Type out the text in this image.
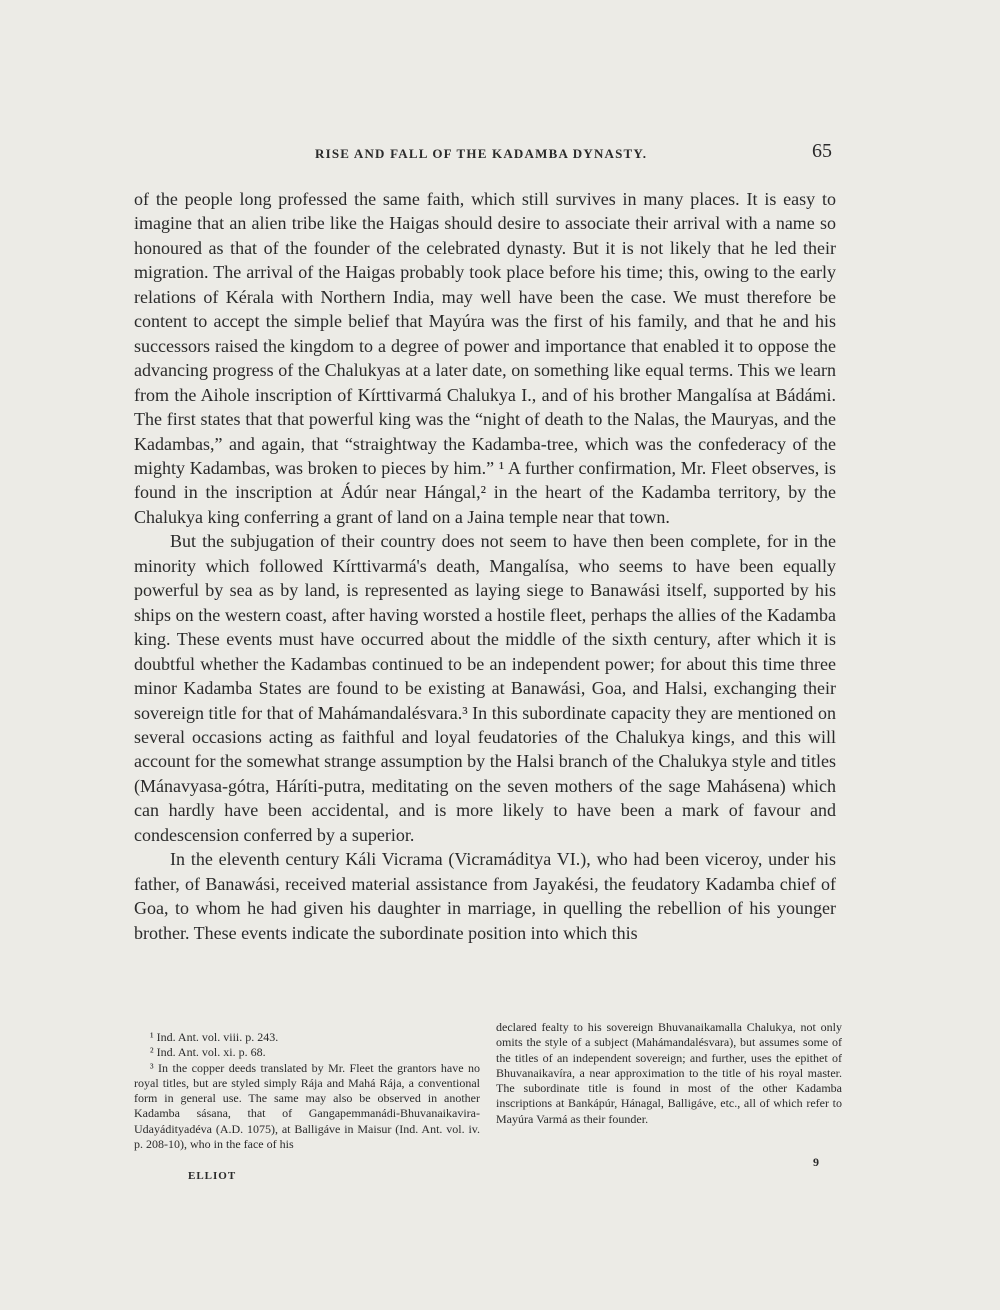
RISE AND FALL OF THE KADAMBA DYNASTY.	65

of the people long professed the same faith, which still survives in many places. It is easy to imagine that an alien tribe like the Haigas should desire to associate their arrival with a name so honoured as that of the founder of the celebrated dynasty. But it is not likely that he led their migration. The arrival of the Haigas probably took place before his time; this, owing to the early relations of Kérala with Northern India, may well have been the case. We must therefore be content to accept the simple belief that Mayúra was the first of his family, and that he and his successors raised the kingdom to a degree of power and importance that enabled it to oppose the advancing progress of the Chalukyas at a later date, on something like equal terms. This we learn from the Aihole inscription of Kírttivarmá Chalukya I., and of his brother Mangalísa at Bádámi. The first states that that powerful king was the “night of death to the Nalas, the Mauryas, and the Kadambas,” and again, that “straightway the Kadamba-tree, which was the confederacy of the mighty Kadambas, was broken to pieces by him.” ¹ A further confirmation, Mr. Fleet observes, is found in the inscription at Ádúr near Hángal,² in the heart of the Kadamba territory, by the Chalukya king conferring a grant of land on a Jaina temple near that town.

But the subjugation of their country does not seem to have then been complete, for in the minority which followed Kírttivarmá's death, Mangalísa, who seems to have been equally powerful by sea as by land, is represented as laying siege to Banawási itself, supported by his ships on the western coast, after having worsted a hostile fleet, perhaps the allies of the Kadamba king. These events must have occurred about the middle of the sixth century, after which it is doubtful whether the Kadambas continued to be an independent power; for about this time three minor Kadamba States are found to be existing at Banawási, Goa, and Halsi, exchanging their sovereign title for that of Mahámandalésvara.³ In this subordinate capacity they are mentioned on several occasions acting as faithful and loyal feudatories of the Chalukya kings, and this will account for the somewhat strange assumption by the Halsi branch of the Chalukya style and titles (Mánavyasa-gótra, Háríti-putra, meditating on the seven mothers of the sage Mahásena) which can hardly have been accidental, and is more likely to have been a mark of favour and condescension conferred by a superior.

In the eleventh century Káli Vicrama (Vicramáditya VI.), who had been viceroy, under his father, of Banawási, received material assistance from Jayakési, the feudatory Kadamba chief of Goa, to whom he had given his daughter in marriage, in quelling the rebellion of his younger brother. These events indicate the subordinate position into which this

¹ Ind. Ant. vol. viii. p. 243.

² Ind. Ant. vol. xi. p. 68.

³ In the copper deeds translated by Mr. Fleet the grantors have no royal titles, but are styled simply Rája and Mahá Rája, a conventional form in general use. The same may also be observed in another Kadamba sásana, that of Gangapemmanádi-Bhuvanaikavira-Udayádityadéva (A.D. 1075), at Balligáve in Maisur (Ind. Ant. vol. iv. p. 208-10), who in the face of his

declared fealty to his sovereign Bhuvanaikamalla Chalukya, not only omits the style of a subject (Mahámandalésvara), but assumes some of the titles of an independent sovereign; and further, uses the epithet of Bhuvanaikavíra, a near approximation to the title of his royal master. The subordinate title is found in most of the other Kadamba inscriptions at Bankápúr, Hánagal, Balligáve, etc., all of which refer to Mayúra Varmá as their founder.

ELLIOT
9
